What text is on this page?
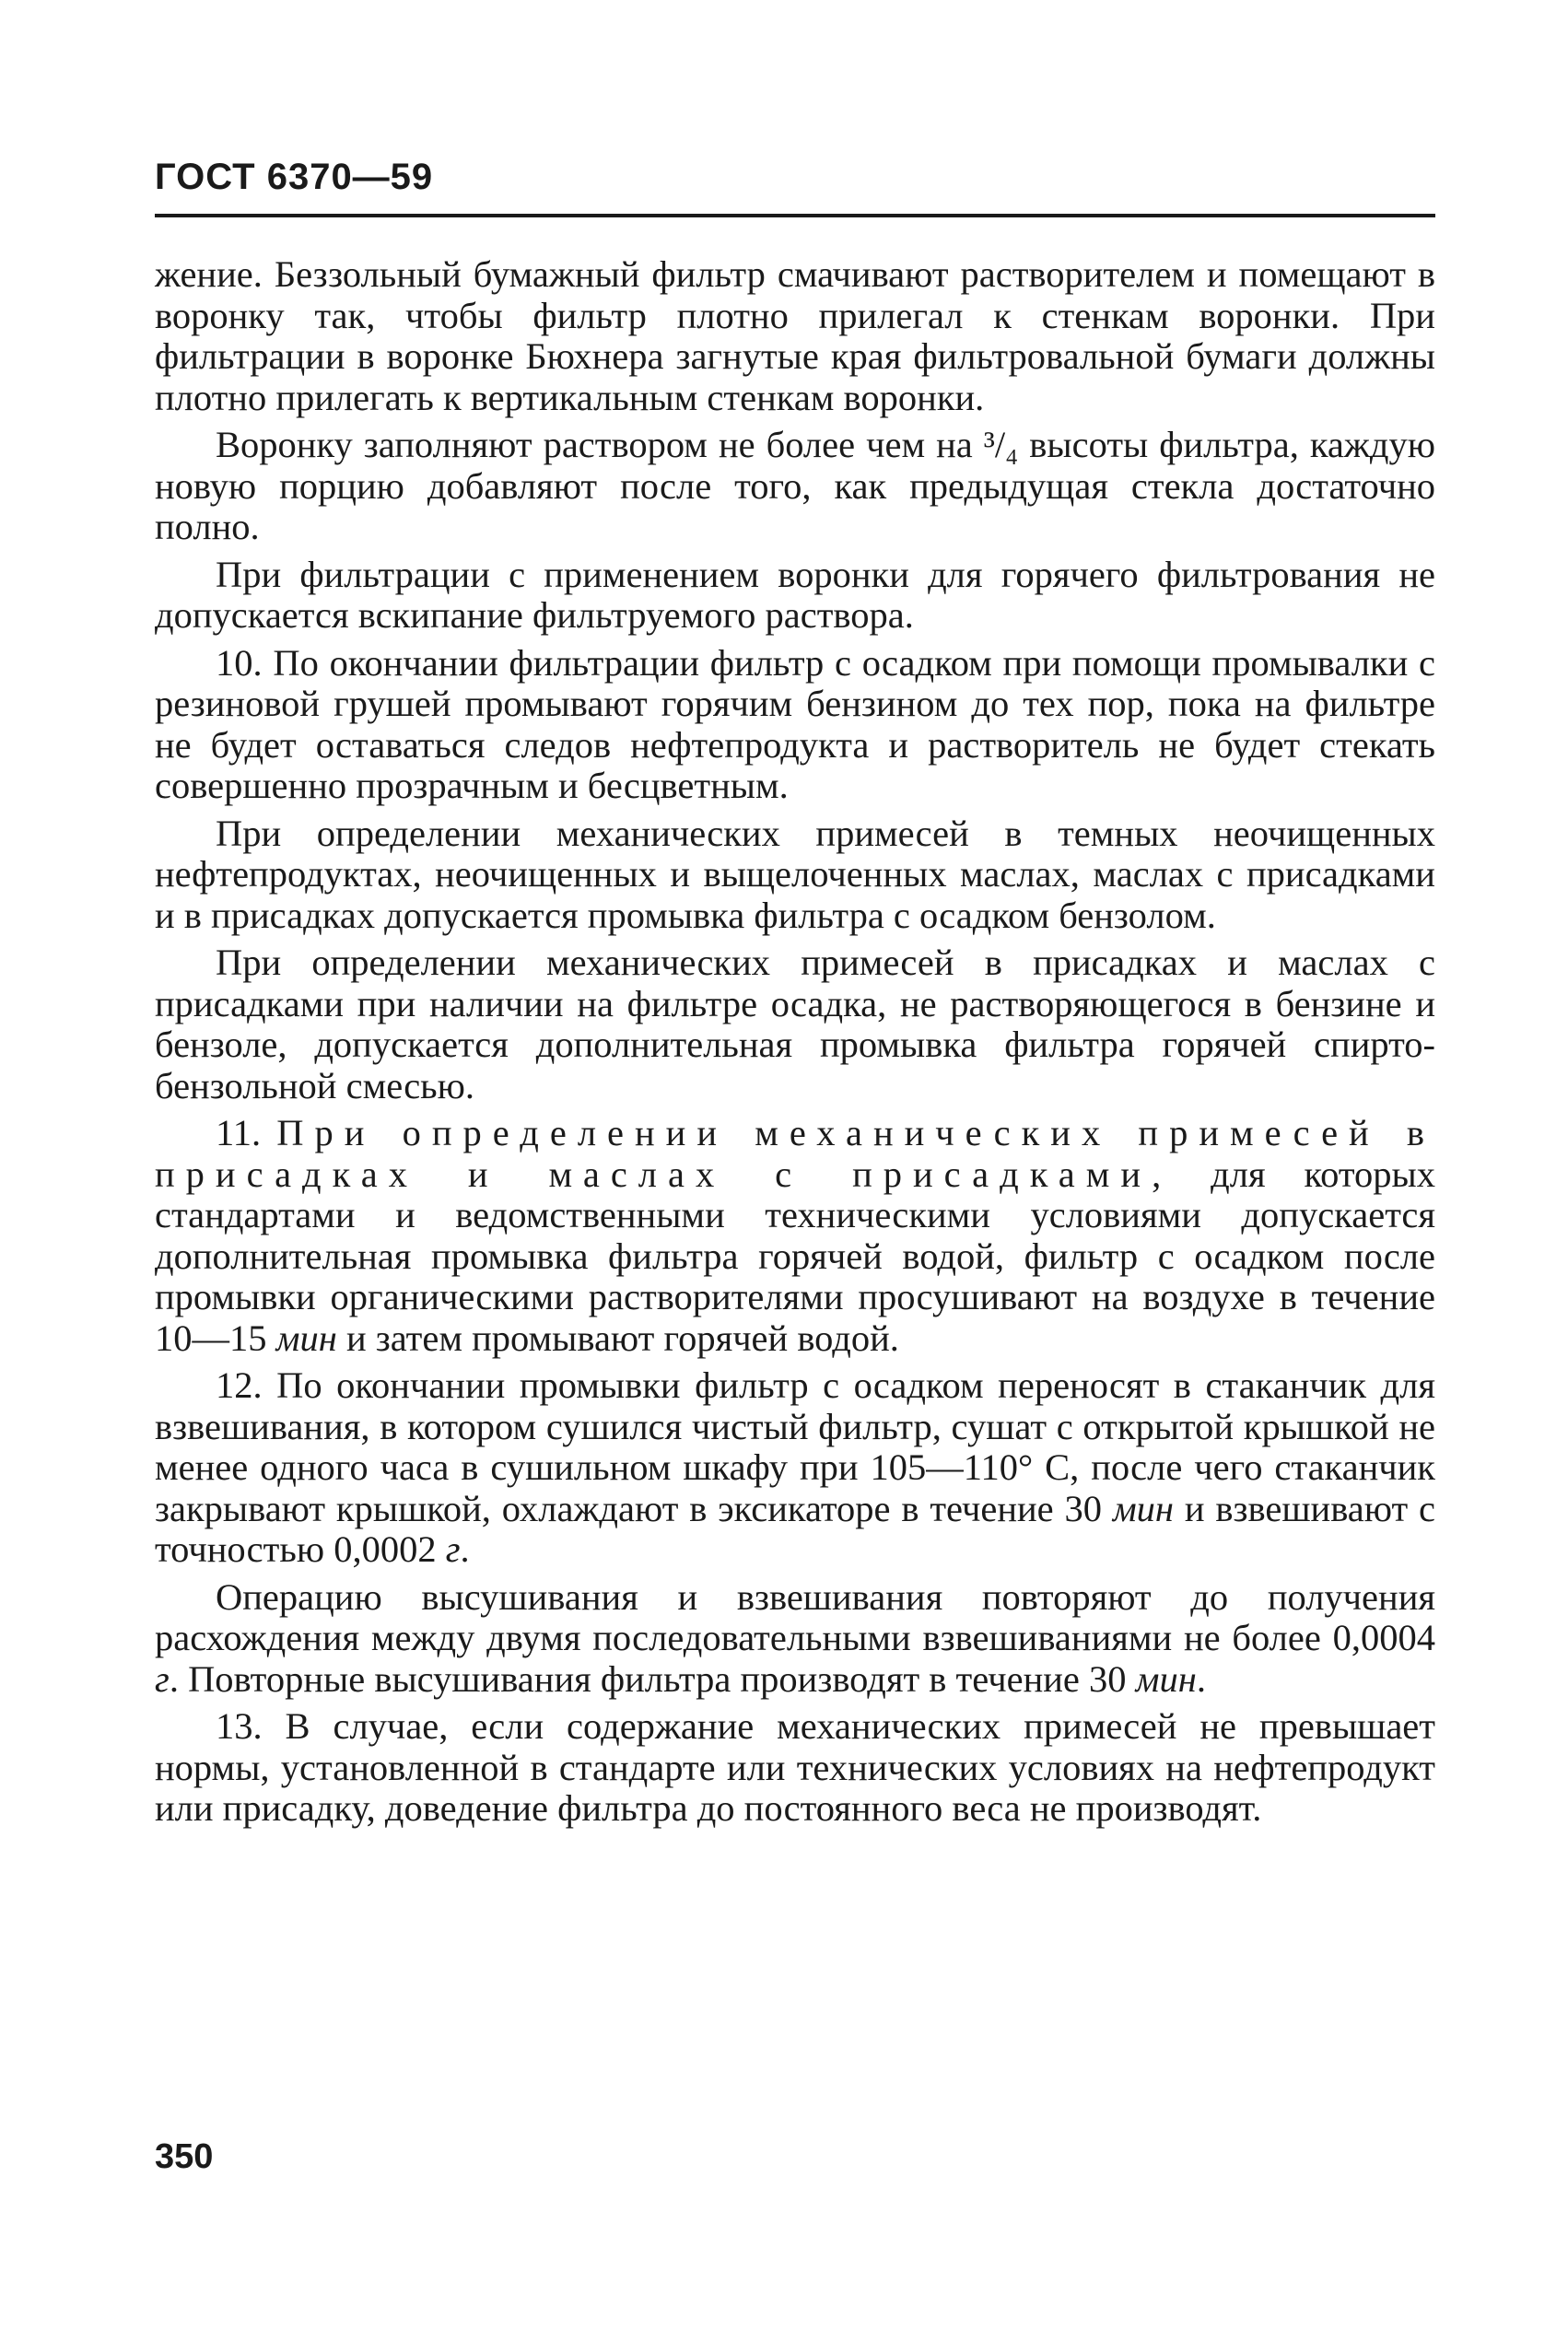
ГОСТ 6370—59

жение. Беззольный бумажный фильтр смачивают растворителем и помещают в воронку так, чтобы фильтр плотно прилегал к стенкам воронки. При фильтрации в воронке Бюхнера загнутые края фильтровальной бумаги должны плотно прилегать к вертикальным стенкам воронки.

Воронку заполняют раствором не более чем на ³/₄ высоты фильтра, каждую новую порцию добавляют после того, как предыдущая стекла достаточно полно.

При фильтрации с применением воронки для горячего фильтрования не допускается вскипание фильтруемого раствора.

10. По окончании фильтрации фильтр с осадком при помощи промывалки с резиновой грушей промывают горячим бензином до тех пор, пока на фильтре не будет оставаться следов нефтепродукта и растворитель не будет стекать совершенно прозрачным и бесцветным.

При определении механических примесей в темных неочищенных нефтепродуктах, неочищенных и выщелоченных маслах, маслах с присадками и в присадках допускается промывка фильтра с осадком бензолом.

При определении механических примесей в присадках и маслах с присадками при наличии на фильтре осадка, не растворяющегося в бензине и бензоле, допускается дополнительная промывка фильтра горячей спирто-бензольной смесью.

11. При определении механических примесей в присадках и маслах с присадками, для которых стандартами и ведомственными техническими условиями допускается дополнительная промывка фильтра горячей водой, фильтр с осадком после промывки органическими растворителями просушивают на воздухе в течение 10—15 мин и затем промывают горячей водой.

12. По окончании промывки фильтр с осадком переносят в стаканчик для взвешивания, в котором сушился чистый фильтр, сушат с открытой крышкой не менее одного часа в сушильном шкафу при 105—110° С, после чего стаканчик закрывают крышкой, охлаждают в эксикаторе в течение 30 мин и взвешивают с точностью 0,0002 г.

Операцию высушивания и взвешивания повторяют до получения расхождения между двумя последовательными взвешиваниями не более 0,0004 г. Повторные высушивания фильтра производят в течение 30 мин.

13. В случае, если содержание механических примесей не превышает нормы, установленной в стандарте или технических условиях на нефтепродукт или присадку, доведение фильтра до постоянного веса не производят.

350
